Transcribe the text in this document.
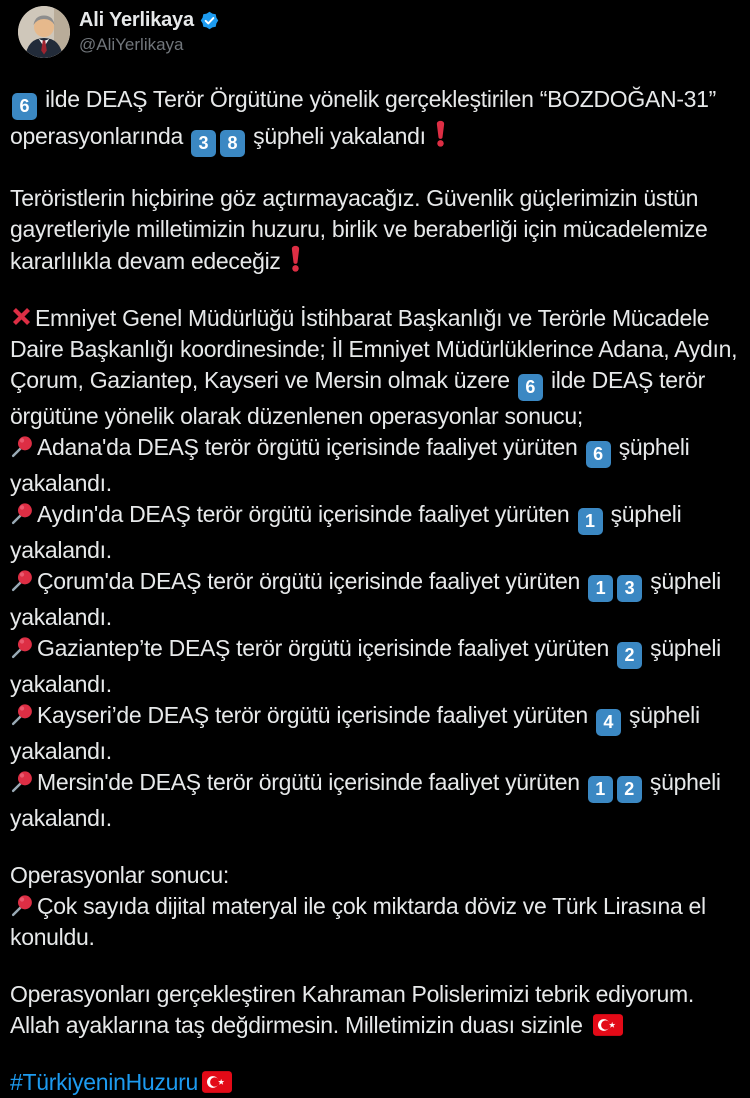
Ali Yerlikaya
@AliYerlikaya

6 ilde DEAŞ Terör Örgütüne yönelik gerçekleştirilen “BOZDOĞAN-31” operasyonlarında 3 8 şüpheli yakalandı

Teröristlerin hiçbirine göz açtırmayacağız. Güvenlik güçlerimizin üstün gayretleriyle milletimizin huzuru, birlik ve beraberliği için mücadelemize kararlılıkla devam edeceğiz

Emniyet Genel Müdürlüğü İstihbarat Başkanlığı ve Terörle Mücadele Daire Başkanlığı koordinesinde; İl Emniyet Müdürlüklerince Adana, Aydın, Çorum, Gaziantep, Kayseri ve Mersin olmak üzere 6 ilde DEAŞ terör örgütüne yönelik olarak düzenlenen operasyonlar sonucu;

Adana'da DEAŞ terör örgütü içerisinde faaliyet yürüten 6 şüpheli yakalandı.

Aydın'da DEAŞ terör örgütü içerisinde faaliyet yürüten 1 şüpheli yakalandı.

Çorum'da DEAŞ terör örgütü içerisinde faaliyet yürüten 1 3 şüpheli yakalandı.

Gaziantep’te DEAŞ terör örgütü içerisinde faaliyet yürüten 2 şüpheli yakalandı.

Kayseri’de DEAŞ terör örgütü içerisinde faaliyet yürüten 4 şüpheli yakalandı.

Mersin'de DEAŞ terör örgütü içerisinde faaliyet yürüten 1 2 şüpheli yakalandı.

Operasyonlar sonucu:

Çok sayıda dijital materyal ile çok miktarda döviz ve Türk Lirasına el konuldu.

Operasyonları gerçekleştiren Kahraman Polislerimizi tebrik ediyorum. Allah ayaklarına taş değdirmesin. Milletimizin duası sizinle

#TürkiyeninHuzuru
